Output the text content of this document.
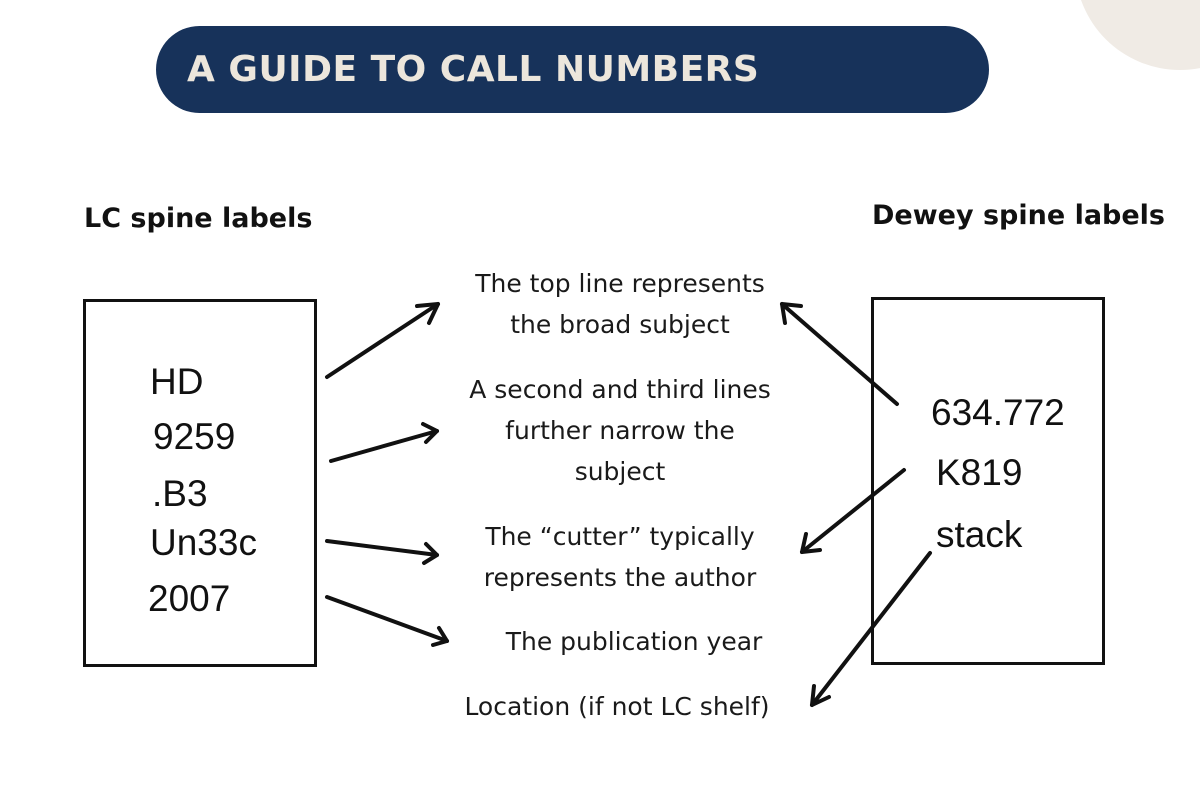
A GUIDE TO CALL NUMBERS
LC spine labels	Dewey spine labels
HD
9259
.B3
Un33c
2007
634.772
K819
stack
The top line represents
the broad subject
A second and third lines
further narrow the
subject
The “cutter” typically
represents the author
The publication year
Location (if not LC shelf)
